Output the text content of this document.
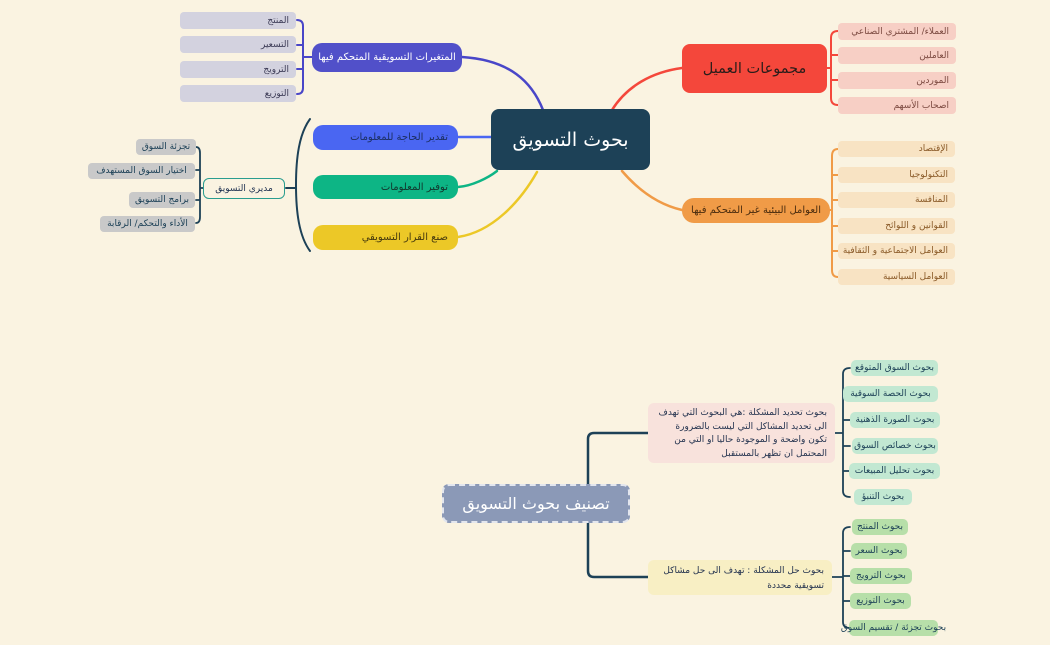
بحوث التسويق
المتغيرات التسويقية المتحكم فيها
المنتج
التسعير
الترويج
التوزيع
مجموعات العميل
العملاء/ المشتري الصناعي
العاملين
الموردين
اصحاب الأسهم
العوامل البيئية غير المتحكم فيها
الإقتصاد
التكنولوجيا
المنافسة
القوانين و اللوائح
العوامل الاجتماعية و الثقافية
العوامل السياسية
تقدير الحاجة للمعلومات
توفير المعلومات
صنع القرار التسويقي
مديري التسويق
تجزئة السوق
اختيار السوق المستهدف
برامج التسويق
الأداء والتحكم/ الرقابة
تصنيف بحوث التسويق
بحوث تحديد المشكلة :هي البحوث التي تهدف الى تحديد المشاكل التي ليست بالضرورة تكون واضحة و الموجودة حاليا او التي من المحتمل ان تظهر بالمستقبل
بحوث السوق المتوقع
بحوث الحصة السوقية
بحوث الصورة الذهنية
بحوث خصائص السوق
بحوث تحليل المبيعات
بحوث التنبؤ
بحوث حل المشكلة : تهدف الى حل مشاكل تسويقية محددة
بحوث المنتج
بحوث السعر
بحوث الترويج
بحوث التوزيع
بحوث تجزئة / تقسيم السوق
